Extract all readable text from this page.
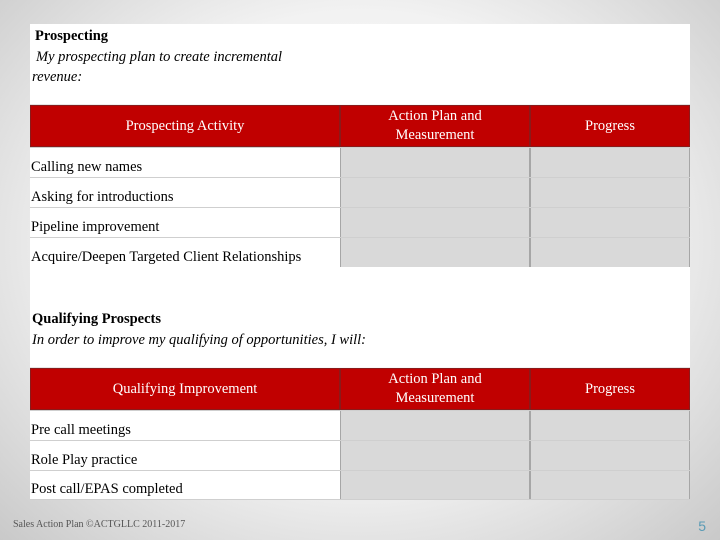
Prospecting
My prospecting plan to create incremental
revenue:
Prospecting Activity
Action Plan and
Measurement
Progress
Calling new names
Asking for introductions
Pipeline improvement
Acquire/Deepen Targeted Client Relationships
Qualifying Prospects
In order to improve my qualifying of opportunities, I will:
Qualifying Improvement
Action Plan and
Measurement
Progress
Pre call meetings
Role Play practice
Post call/EPAS completed
Sales Action Plan ©ACTGLLC 2011-2017	5
